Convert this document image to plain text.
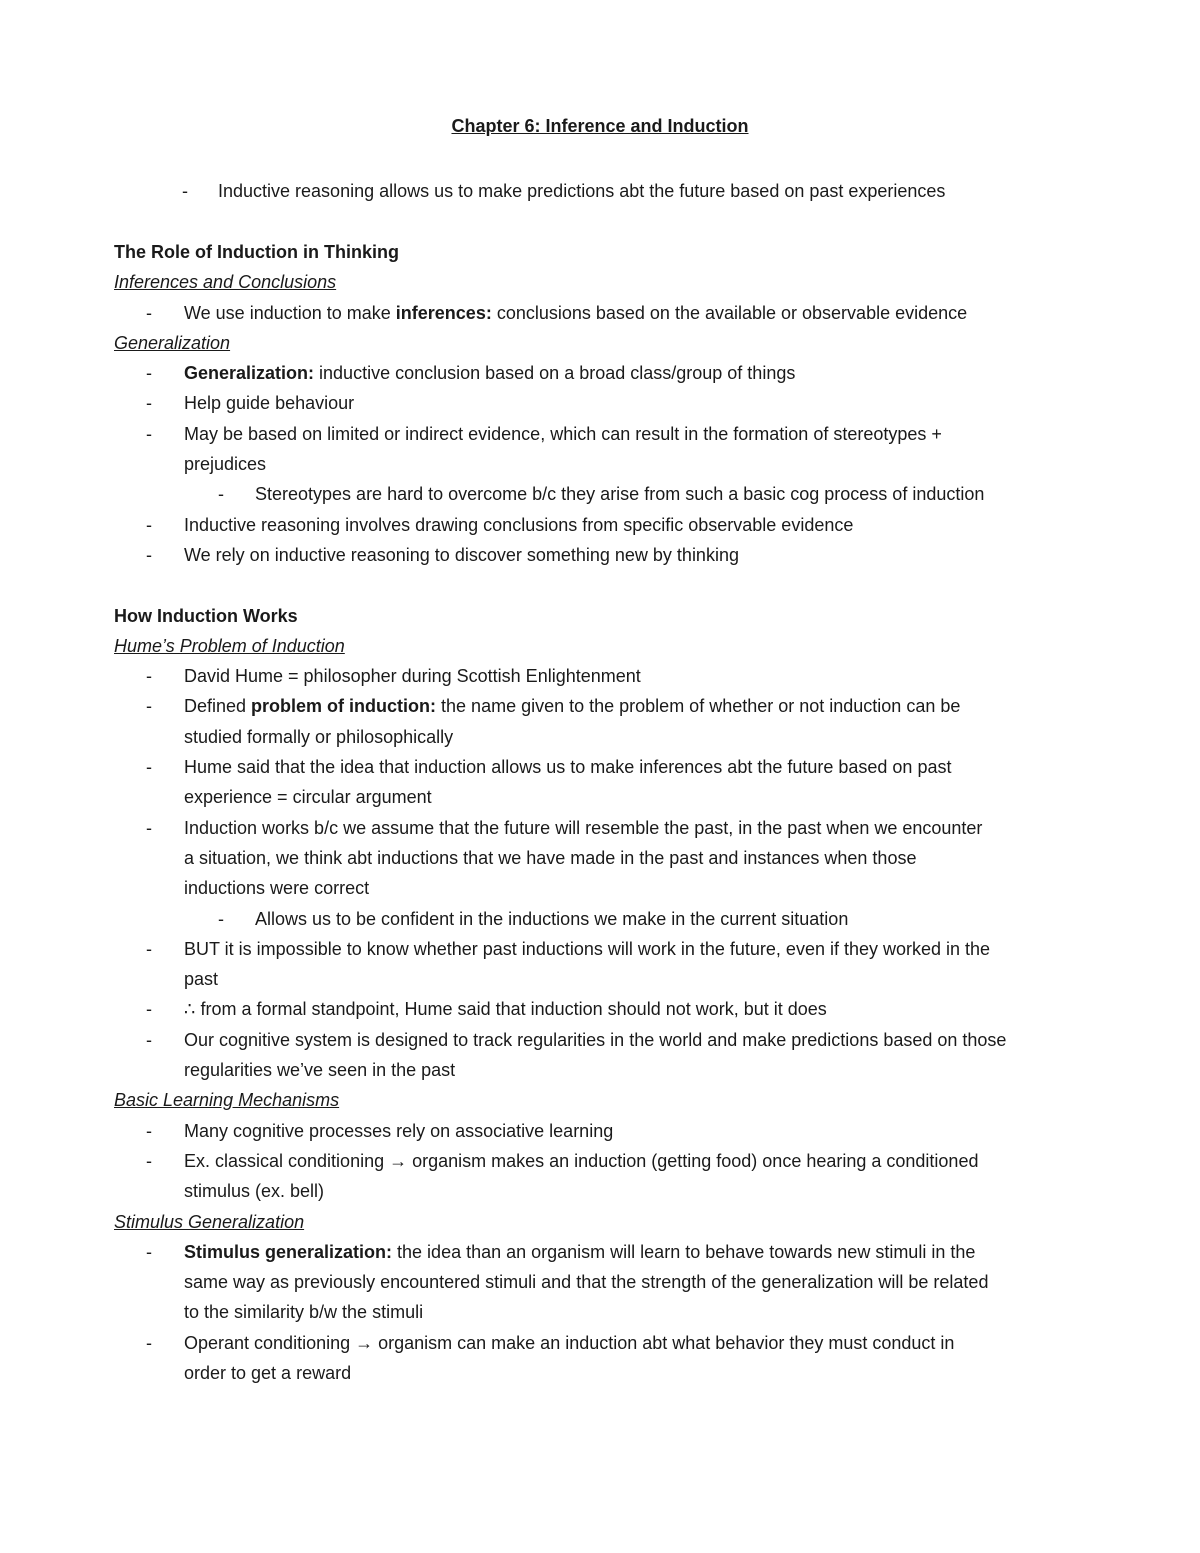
Chapter 6: Inference and Induction
- Inductive reasoning allows us to make predictions abt the future based on past experiences
The Role of Induction in Thinking
Inferences and Conclusions
- We use induction to make inferences: conclusions based on the available or observable evidence
Generalization
- Generalization: inductive conclusion based on a broad class/group of things
- Help guide behaviour
- May be based on limited or indirect evidence, which can result in the formation of stereotypes +
prejudices
- Stereotypes are hard to overcome b/c they arise from such a basic cog process of induction
- Inductive reasoning involves drawing conclusions from specific observable evidence
- We rely on inductive reasoning to discover something new by thinking
How Induction Works
Hume’s Problem of Induction
- David Hume = philosopher during Scottish Enlightenment
- Defined problem of induction: the name given to the problem of whether or not induction can be
studied formally or philosophically
- Hume said that the idea that induction allows us to make inferences abt the future based on past
experience = circular argument
- Induction works b/c we assume that the future will resemble the past, in the past when we encounter
a situation, we think abt inductions that we have made in the past and instances when those
inductions were correct
- Allows us to be confident in the inductions we make in the current situation
- BUT it is impossible to know whether past inductions will work in the future, even if they worked in the
past
- ∴ from a formal standpoint, Hume said that induction should not work, but it does
- Our cognitive system is designed to track regularities in the world and make predictions based on those
regularities we’ve seen in the past
Basic Learning Mechanisms
- Many cognitive processes rely on associative learning
- Ex. classical conditioning → organism makes an induction (getting food) once hearing a conditioned
stimulus (ex. bell)
Stimulus Generalization
- Stimulus generalization: the idea than an organism will learn to behave towards new stimuli in the
same way as previously encountered stimuli and that the strength of the generalization will be related
to the similarity b/w the stimuli
- Operant conditioning → organism can make an induction abt what behavior they must conduct in
order to get a reward
